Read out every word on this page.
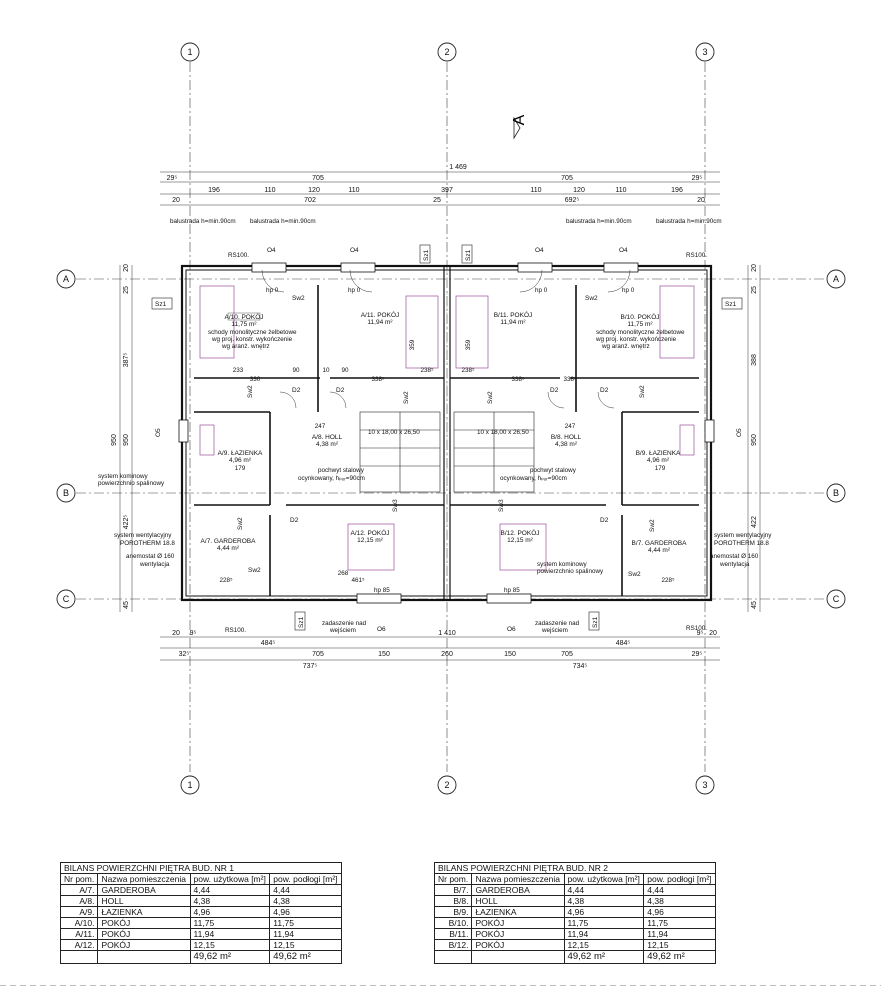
1	2	3
1	2	3
A
B
C
A
B
C
A
1 469
29⁵	705	705	29⁵
196	110	120	110	397	110	120	110	196
20	702	25	692⁵	20
20
25
387⁵
950 950
422⁵
45
20
25
388
950
422
45
1 410
20 9⁵
484⁵	484⁵
9⁵ 20
32⁵	705	150	260	150	705	29⁵
737⁵	734⁵
A/10. POKÓJ
11,75 m²
A/11. POKÓJ
11,94 m²
B/11. POKÓJ
11,94 m²
B/10. POKÓJ
11,75 m²
A/8. HOLL
4,38 m²
B/8. HOLL
4,38 m²
A/9. ŁAZIENKA
4,96 m²
B/9. ŁAZIENKA
4,96 m²
A/7. GARDEROBA
4,44 m²
B/7. GARDEROBA
4,44 m²
A/12. POKÓJ
12,15 m²
B/12. POKÓJ
12,15 m²
balustrada h=min.90cm balustrada h=min.90cm	balustrada h=min.90cm	balustrada h=min.90cm
RS100.	RS100.
RS100.	RS100.
hp 0	hp 0	hp 0	hp 0
hp 85	hp 85
schody monolityczne żelbetowe
wg proj. konstr. wykończenie
wg aranż. wnętrz
schody monolityczne żelbetowe
wg proj. konstr. wykończenie
wg aranż. wnętrz
pochwyt stalowy
ocynkowany, hₚₒᵣ=90cm
pochwyt stalowy
ocynkowany, hₚₒᵣ=90cm
system kominowy
powierzchnio spalinowy
system kominowy
powierzchnio spalinowy
system wentylacyjny
POROTHERM 18.8
system wentylacyjny
POROTHERM 18.8
anemostat Ø 160
wentylacja
anemostat Ø 160
wentylacja
zadaszenie nad
wejściem
zadaszenie nad
wejściem
10 x 18,00 x 26,50	10 x 18,00 x 26,50
Sz1	Sz1
Sz1	Sz1
Sz1	Sz1
Sw2	Sw2
Sw2
Sw2
Sw2	Sw2	Sw2	Sw2
Sw2	Sw2
Sw3	Sw3
O4	O4	O4	O4
O5	O5
O6	O6
D2	D2	D2	D2
D2	D2
233
330
90	10 90
338⁵
238⁵
338⁵
247
179
228⁵
268
461⁵
247
179
228⁵
359	359
338⁵
238⁵
BILANS POWIERZCHNI PIĘTRA BUD. NR 1			
Nr pom.	Nazwa pomieszczenia	pow. użytkowa [m²]	pow. podłogi [m²]
A/7.	GARDEROBA	4,44	4,44
A/8.	HOLL	4,38	4,38
A/9.	ŁAZIENKA	4,96	4,96
A/10.	POKÓJ	11,75	11,75
A/11.	POKÓJ	11,94	11,94
A/12.	POKÓJ	12,15	12,15
		49,62 m²	49,62 m²
BILANS POWIERZCHNI PIĘTRA BUD. NR 2			
Nr pom.	Nazwa pomieszczenia	pow. użytkowa [m²]	pow. podłogi [m²]
B/7.	GARDEROBA	4,44	4,44
B/8.	HOLL	4,38	4,38
B/9.	ŁAZIENKA	4,96	4,96
B/10.	POKÓJ	11,75	11,75
B/11.	POKÓJ	11,94	11,94
B/12.	POKÓJ	12,15	12,15
		49,62 m²	49,62 m²
